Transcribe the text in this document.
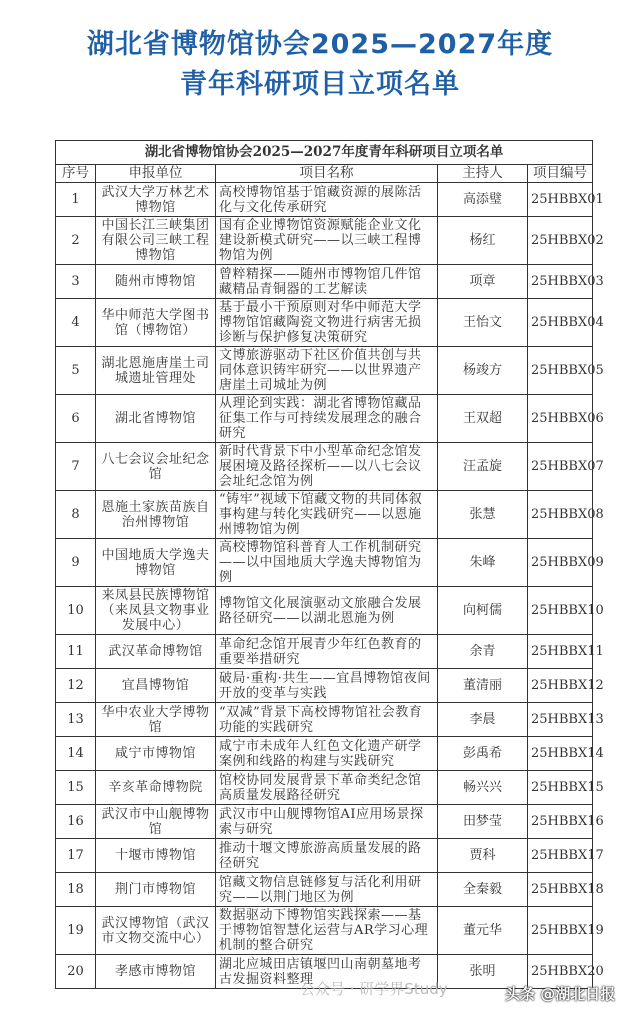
湖北省博物馆协会2025—2027年度
青年科研项目立项名单
湖北省博物馆协会2025—2027年度青年科研项目立项名单				
序号	申报单位	项目名称	主持人	项目编号
1	武汉大学万林艺术博物馆	高校博物馆基于馆藏资源的展陈活化与文化传承研究	高添璧	25HBBX01
2	中国长江三峡集团有限公司三峡工程博物馆	国有企业博物馆资源赋能企业文化建设新模式研究——以三峡工程博物馆为例	杨红	25HBBX02
3	随州市博物馆	曾粹精探——随州市博物馆几件馆藏精品青铜器的工艺解读	项章	25HBBX03
4	华中师范大学图书馆（博物馆）	基于最小干预原则对华中师范大学博物馆馆藏陶瓷文物进行病害无损诊断与保护修复决策研究	王怡文	25HBBX04
5	湖北恩施唐崖土司城遗址管理处	文博旅游驱动下社区价值共创与共同体意识铸牢研究——以世界遗产唐崖土司城址为例	杨竣方	25HBBX05
6	湖北省博物馆	从理论到实践：湖北省博物馆藏品征集工作与可持续发展理念的融合研究	王双超	25HBBX06
7	八七会议会址纪念馆	新时代背景下中小型革命纪念馆发展困境及路径探析——以八七会议会址纪念馆为例	汪孟旋	25HBBX07
8	恩施土家族苗族自治州博物馆	“铸牢”视域下馆藏文物的共同体叙事构建与转化实践研究——以恩施州博物馆为例	张慧	25HBBX08
9	中国地质大学逸夫博物馆	高校博物馆科普育人工作机制研究——以中国地质大学逸夫博物馆为例	朱峰	25HBBX09
10	来凤县民族博物馆（来凤县文物事业发展中心）	博物馆文化展演驱动文旅融合发展路径研究——以湖北恩施为例	向柯儒	25HBBX10
11	武汉革命博物馆	革命纪念馆开展青少年红色教育的重要举措研究	余青	25HBBX11
12	宜昌博物馆	破局·重构·共生——宜昌博物馆夜间开放的变革与实践	董清丽	25HBBX12
13	华中农业大学博物馆	“双减”背景下高校博物馆社会教育功能的实践研究	李晨	25HBBX13
14	咸宁市博物馆	咸宁市未成年人红色文化遗产研学案例和线路的构建与实践研究	彭禹希	25HBBX14
15	辛亥革命博物院	馆校协同发展背景下革命类纪念馆高质量发展路径研究	畅兴兴	25HBBX15
16	武汉市中山舰博物馆	武汉市中山舰博物馆AI应用场景探索与研究	田梦莹	25HBBX16
17	十堰市博物馆	推动十堰文博旅游高质量发展的路径研究	贾科	25HBBX17
18	荆门市博物馆	馆藏文物信息链修复与活化利用研究——以荆门地区为例	全秦毅	25HBBX18
19	武汉博物馆（武汉市文物交流中心）	数据驱动下博物馆实践探索——基于博物馆智慧化运营与AR学习心理机制的整合研究	董元华	25HBBX19
20	孝感市博物馆	湖北应城田店镇堰凹山南朝墓地考古发掘资料整理	张明	25HBBX20
公众号 · 研学界Study	头条 @湖北日报
